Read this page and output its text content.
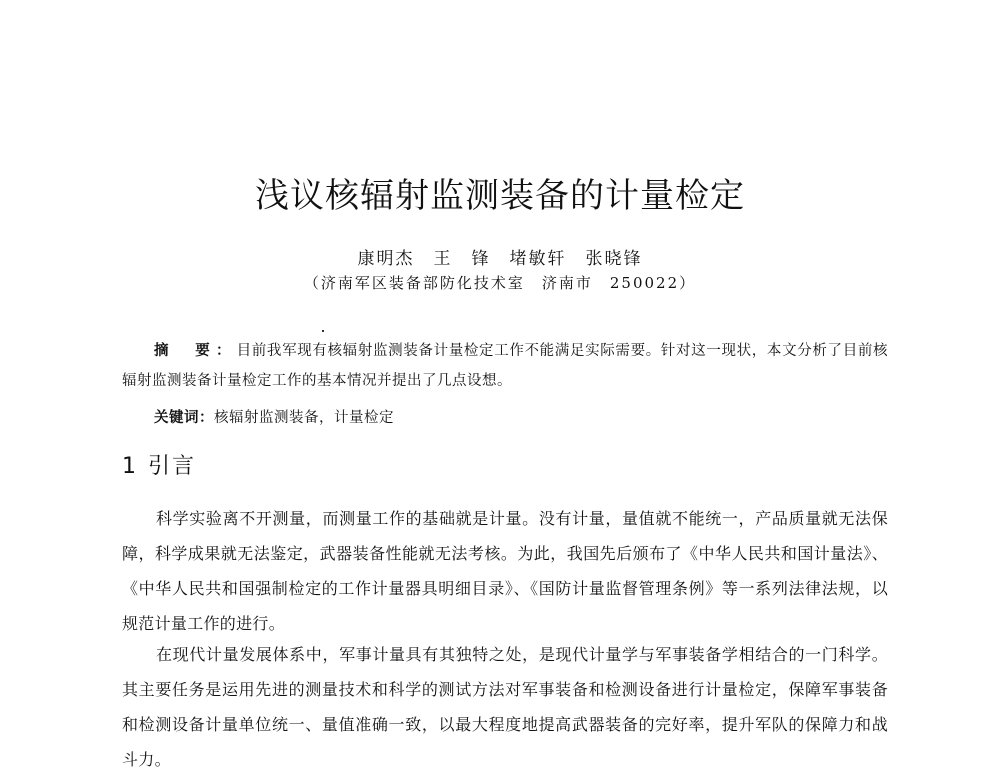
浅议核辐射监测装备的计量检定
康明杰　王　锋　堵敏轩　张晓锋
（济南军区装备部防化技术室　济南市　250022）

摘　要：目前我军现有核辐射监测装备计量检定工作不能满足实际需要。针对这一现状，本文分析了目前核辐射监测装备计量检定工作的基本情况并提出了几点设想。

关键词：核辐射监测装备，计量检定
1 引言

科学实验离不开测量，而测量工作的基础就是计量。没有计量，量值就不能统一，产品质量就无法保障，科学成果就无法鉴定，武器装备性能就无法考核。为此，我国先后颁布了《中华人民共和国计量法》、《中华人民共和国强制检定的工作计量器具明细目录》、《国防计量监督管理条例》等一系列法律法规，以规范计量工作的进行。

在现代计量发展体系中，军事计量具有其独特之处，是现代计量学与军事装备学相结合的一门科学。其主要任务是运用先进的测量技术和科学的测试方法对军事装备和检测设备进行计量检定，保障军事装备和检测设备计量单位统一、量值准确一致，以最大程度地提高武器装备的完好率，提升军队的保障力和战斗力。
